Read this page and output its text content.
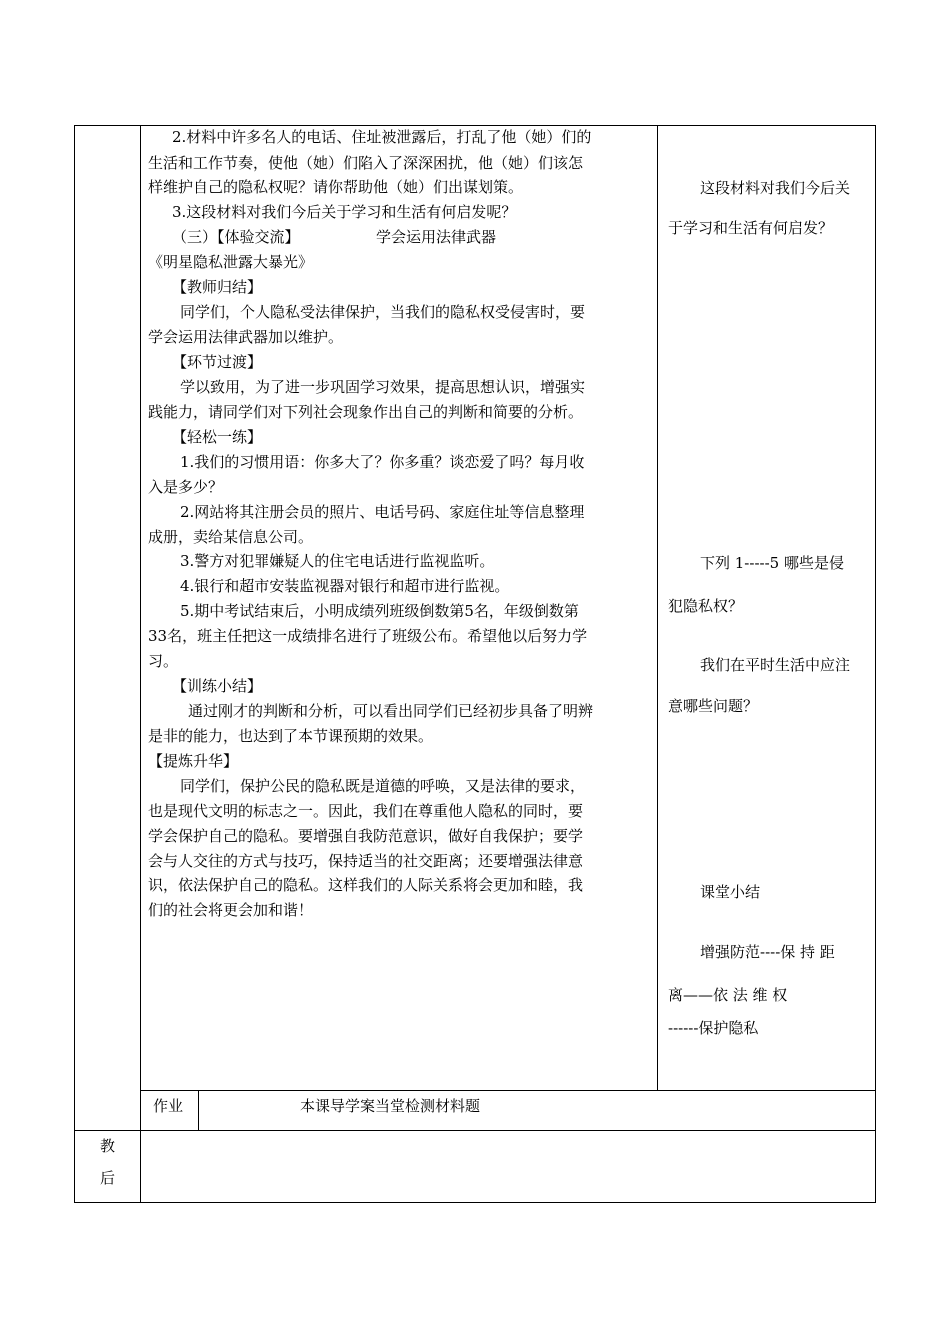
2.材料中许多名人的电话、住址被泄露后，打乱了他（她）们的
生活和工作节奏，使他（她）们陷入了深深困扰，他（她）们该怎
样维护自己的隐私权呢？请你帮助他（她）们出谋划策。
3.这段材料对我们今后关于学习和生活有何启发呢？
（三）【体验交流】	学会运用法律武器
《明星隐私泄露大暴光》
【教师归结】
同学们，个人隐私受法律保护，当我们的隐私权受侵害时，要
学会运用法律武器加以维护。
【环节过渡】
学以致用，为了进一步巩固学习效果，提高思想认识，增强实
践能力，请同学们对下列社会现象作出自己的判断和简要的分析。
【轻松一练】
1.我们的习惯用语：你多大了？你多重？谈恋爱了吗？每月收
入是多少？
2.网站将其注册会员的照片、电话号码、家庭住址等信息整理
成册，卖给某信息公司。
3.警方对犯罪嫌疑人的住宅电话进行监视监听。
4.银行和超市安装监视器对银行和超市进行监视。
5.期中考试结束后，小明成绩列班级倒数第5名，年级倒数第
33名，班主任把这一成绩排名进行了班级公布。希望他以后努力学
习。
【训练小结】
通过刚才的判断和分析，可以看出同学们已经初步具备了明辨
是非的能力，也达到了本节课预期的效果。
【提炼升华】
同学们，保护公民的隐私既是道德的呼唤，又是法律的要求，
也是现代文明的标志之一。因此，我们在尊重他人隐私的同时，要
学会保护自己的隐私。要增强自我防范意识，做好自我保护；要学
会与人交往的方式与技巧，保持适当的社交距离；还要增强法律意
识，依法保护自己的隐私。这样我们的人际关系将会更加和睦，我
们的社会将更会加和谐！
这段材料对我们今后关
于学习和生活有何启发？
下列 1-----5 哪些是侵
犯隐私权？
我们在平时生活中应注
意哪些问题？
课堂小结
增强防范----保 持 距
离——依 法 维 权
------保护隐私
作业	本课导学案当堂检测材料题
教
后
